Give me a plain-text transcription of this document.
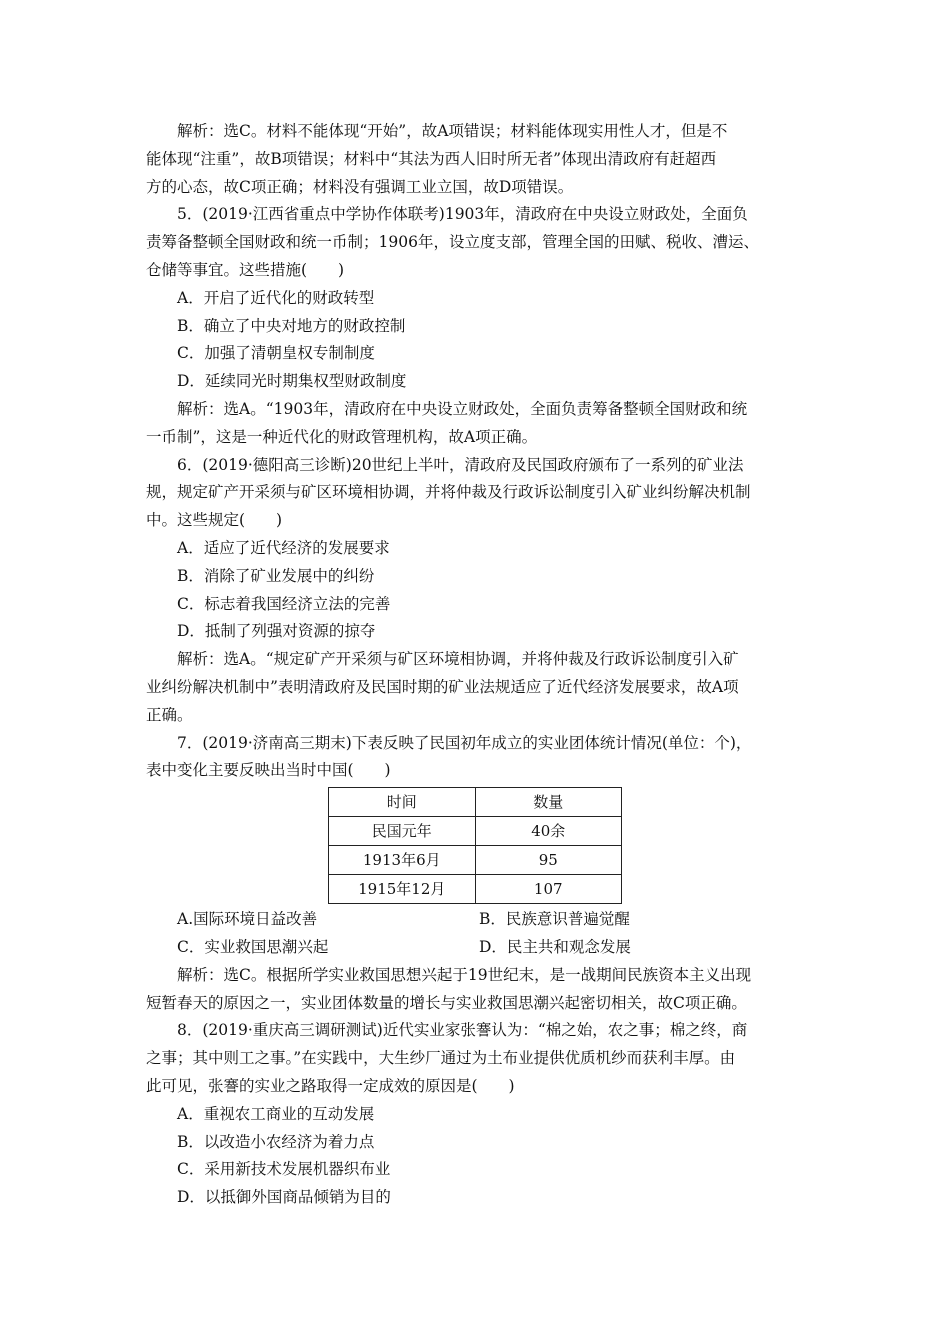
解析：选C。材料不能体现“开始”，故A项错误；材料能体现实用性人才，但是不
能体现“注重”，故B项错误；材料中“其法为西人旧时所无者”体现出清政府有赶超西
方的心态，故C项正确；材料没有强调工业立国，故D项错误。
5．(2019·江西省重点中学协作体联考)1903年，清政府在中央设立财政处，全面负
责筹备整顿全国财政和统一币制；1906年，设立度支部，管理全国的田赋、税收、漕运、
仓储等事宜。这些措施(　　)
A．开启了近代化的财政转型
B．确立了中央对地方的财政控制
C．加强了清朝皇权专制制度
D．延续同光时期集权型财政制度
解析：选A。“1903年，清政府在中央设立财政处，全面负责筹备整顿全国财政和统
一币制”，这是一种近代化的财政管理机构，故A项正确。
6．(2019·德阳高三诊断)20世纪上半叶，清政府及民国政府颁布了一系列的矿业法
规，规定矿产开采须与矿区环境相协调，并将仲裁及行政诉讼制度引入矿业纠纷解决机制
中。这些规定(　　)
A．适应了近代经济的发展要求
B．消除了矿业发展中的纠纷
C．标志着我国经济立法的完善
D．抵制了列强对资源的掠夺
解析：选A。“规定矿产开采须与矿区环境相协调，并将仲裁及行政诉讼制度引入矿
业纠纷解决机制中”表明清政府及民国时期的矿业法规适应了近代经济发展要求，故A项
正确。
7．(2019·济南高三期末)下表反映了民国初年成立的实业团体统计情况(单位：个)，
表中变化主要反映出当时中国(　　)
时间	数量
民国元年	40余
1913年6月	95
1915年12月	107
A.国际环境日益改善	B．民族意识普遍觉醒
C．实业救国思潮兴起	D．民主共和观念发展
解析：选C。根据所学实业救国思想兴起于19世纪末，是一战期间民族资本主义出现
短暂春天的原因之一，实业团体数量的增长与实业救国思潮兴起密切相关，故C项正确。
8．(2019·重庆高三调研测试)近代实业家张謇认为：“棉之始，农之事；棉之终，商
之事；其中则工之事。”在实践中，大生纱厂通过为土布业提供优质机纱而获利丰厚。由
此可见，张謇的实业之路取得一定成效的原因是(　　)
A．重视农工商业的互动发展
B．以改造小农经济为着力点
C．采用新技术发展机器织布业
D．以抵御外国商品倾销为目的
